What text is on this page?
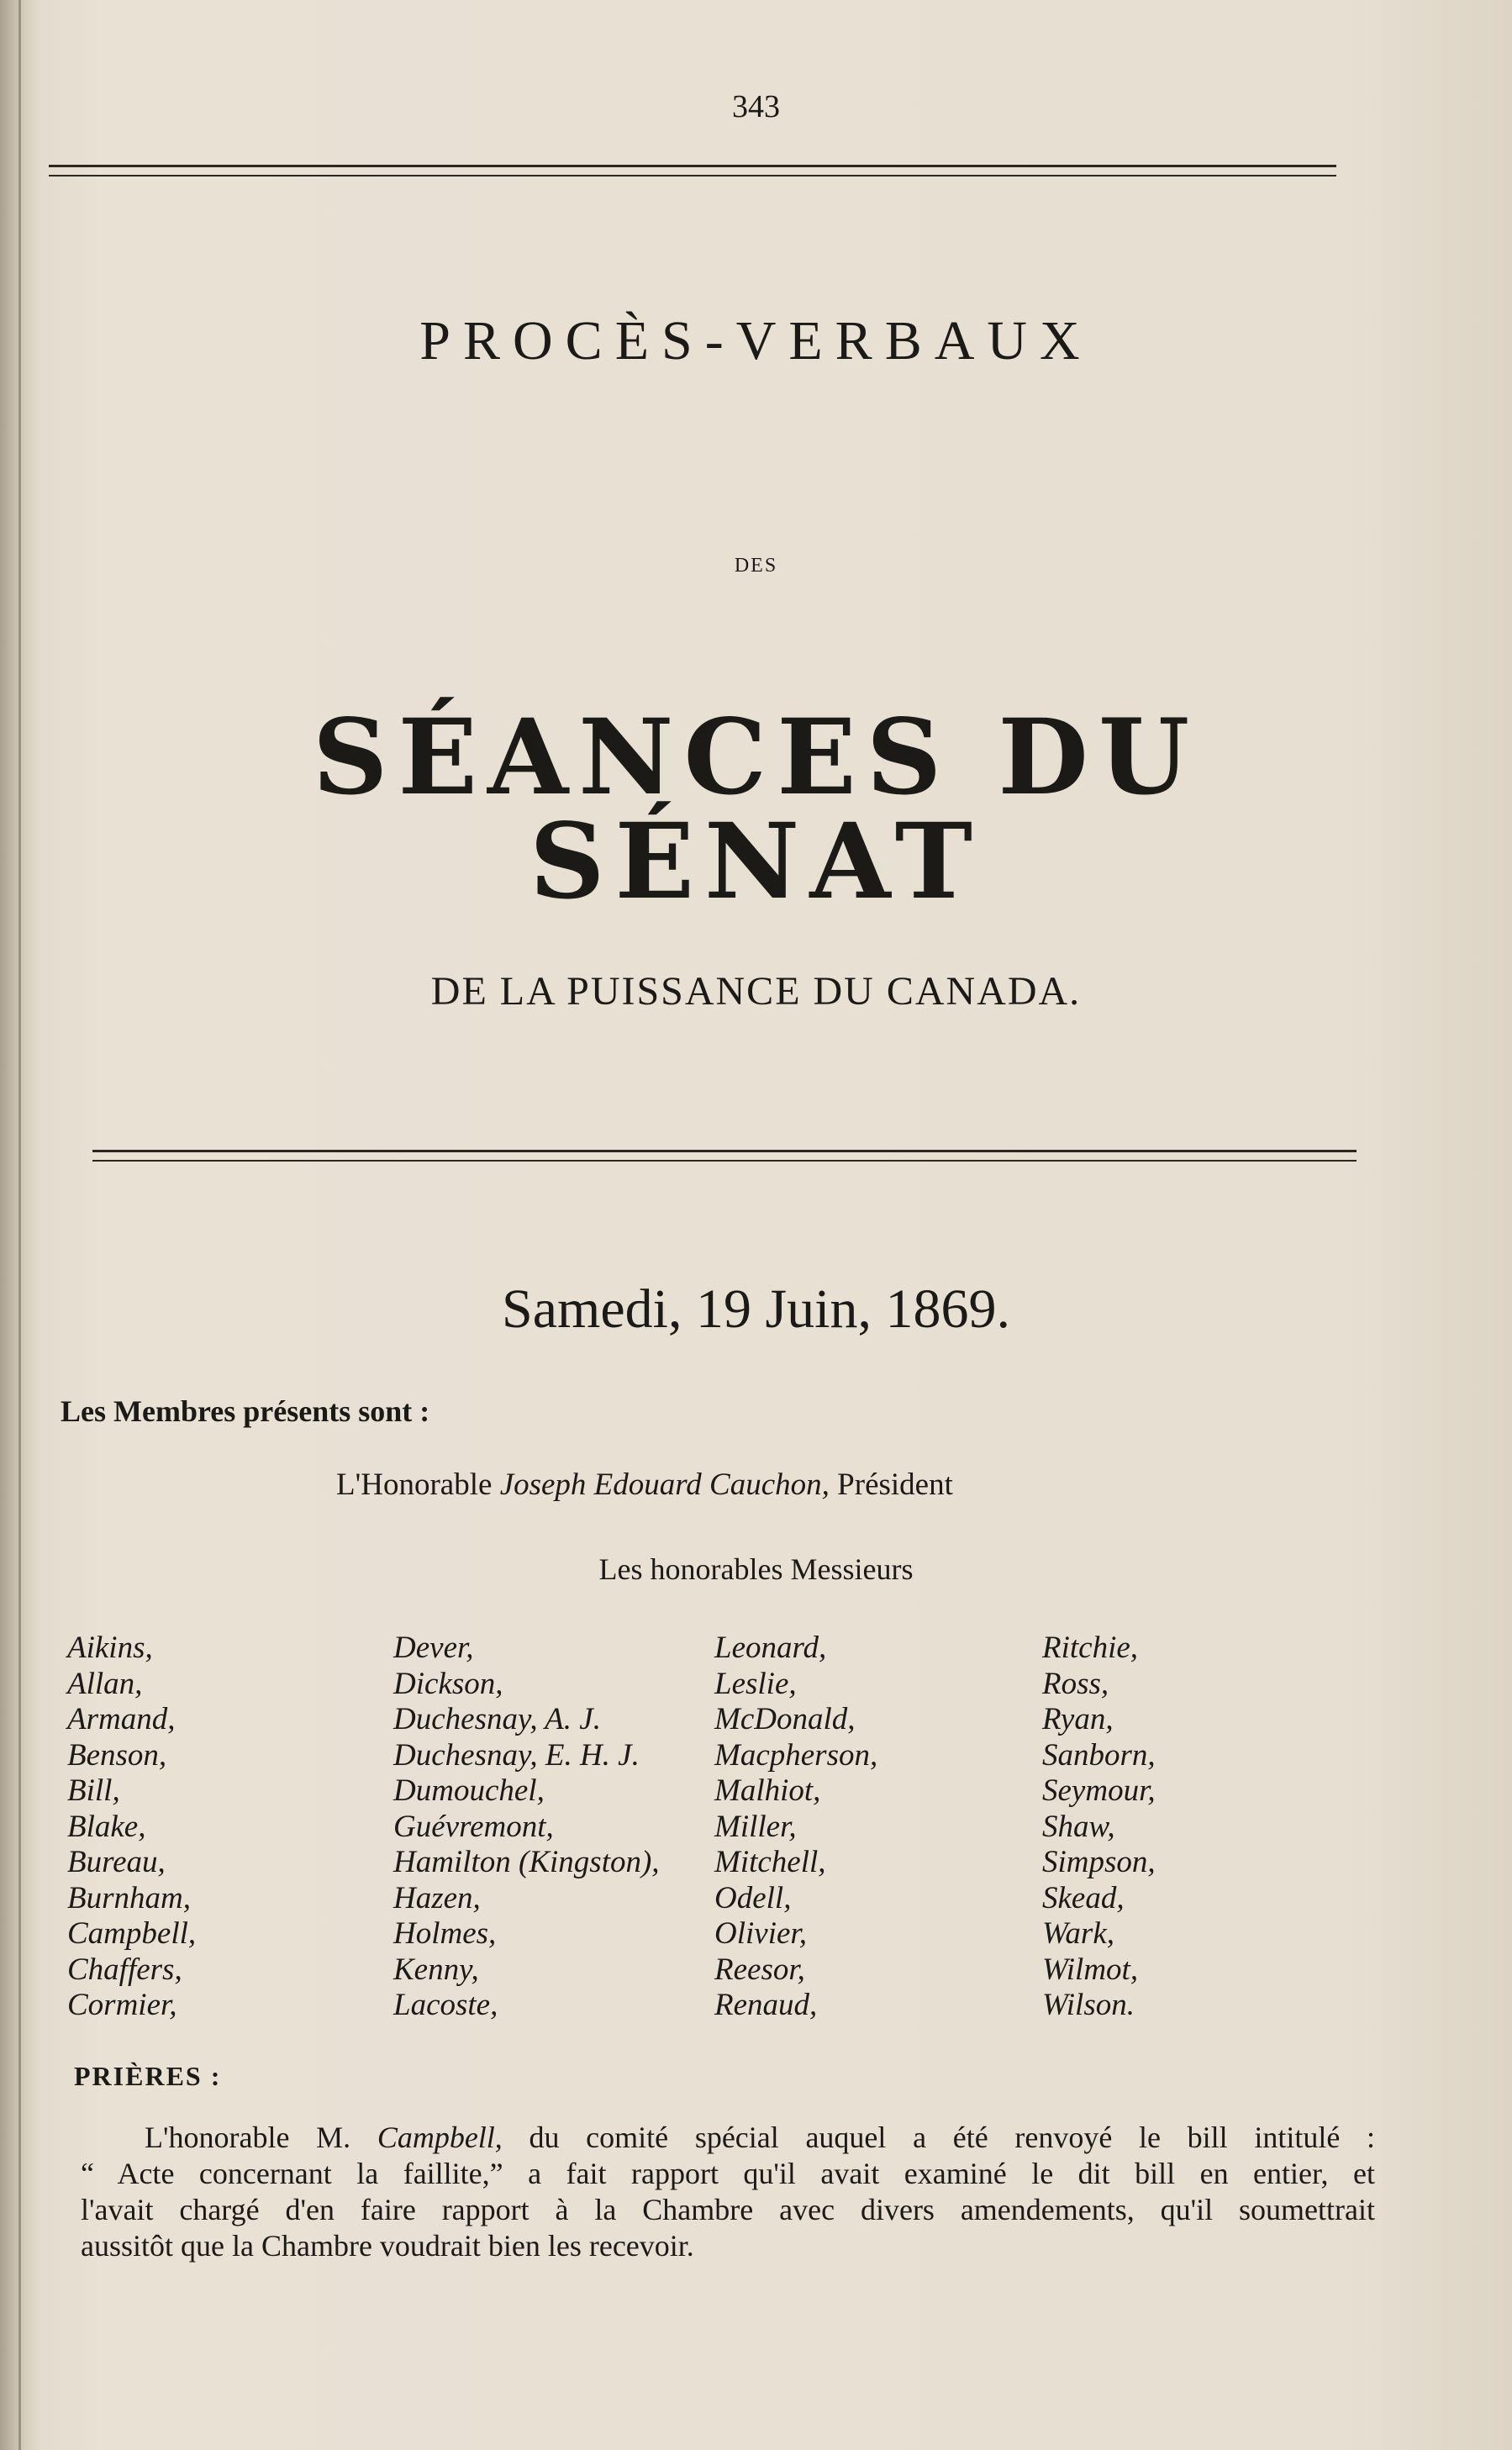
343
PROCÈS-VERBAUX
DES
SÉANCES DU SÉNAT
DE LA PUISSANCE DU CANADA.
Samedi, 19 Juin, 1869.
Les Membres présents sont :
L'Honorable Joseph Edouard Cauchon, Président
Les honorables Messieurs
Aikins,
Allan,
Armand,
Benson,
Bill,
Blake,
Bureau,
Burnham,
Campbell,
Chaffers,
Cormier,
Dever,
Dickson,
Duchesnay, A. J.
Duchesnay, E. H. J.
Dumouchel,
Guévremont,
Hamilton (Kingston),
Hazen,
Holmes,
Kenny,
Lacoste,
Leonard,
Leslie,
McDonald,
Macpherson,
Malhiot,
Miller,
Mitchell,
Odell,
Olivier,
Reesor,
Renaud,
Ritchie,
Ross,
Ryan,
Sanborn,
Seymour,
Shaw,
Simpson,
Skead,
Wark,
Wilmot,
Wilson.
PRIÈRES :
L'honorable M. Campbell, du comité spécial auquel a été renvoyé le bill intitulé :
“ Acte concernant la faillite,” a fait rapport qu'il avait examiné le dit bill en entier, et
l'avait chargé d'en faire rapport à la Chambre avec divers amendements, qu'il soumettrait
aussitôt que la Chambre voudrait bien les recevoir.
